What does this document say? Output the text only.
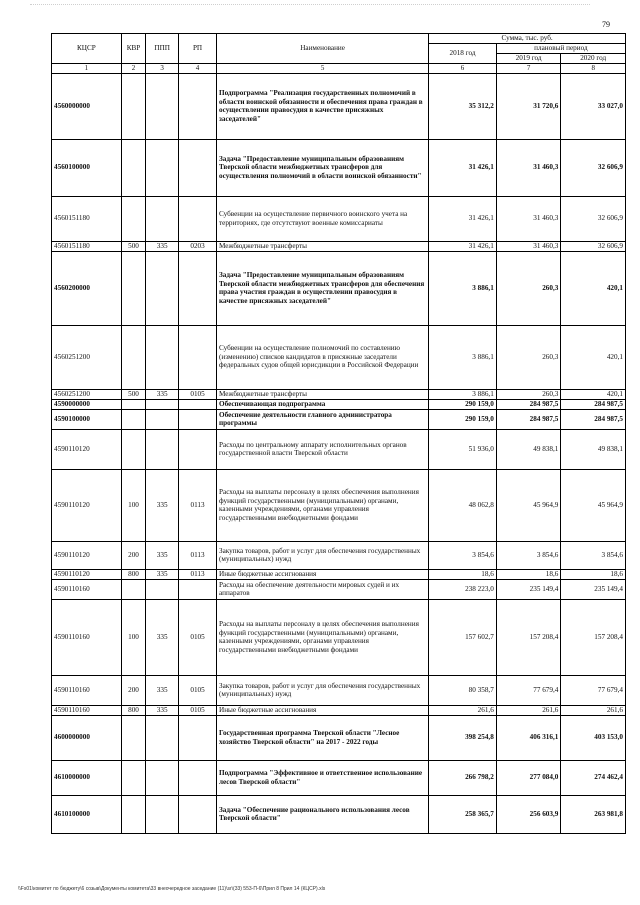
79
КЦСР	КВР	ППП	РП	Наименование	Сумма, тыс. руб.		
					2018 год	плановый период	
						2019 год	2020 год
1	2	3	4	5	6	7	8
4560000000				Подпрограмма "Реализация государственных полномочий в области воинской обязанности и обеспечения права граждан в осуществлении правосудия в качестве присяжных заседателей"	35 312,2	31 720,6	33 027,0
4560100000				Задача "Предоставление муниципальным образованиям Тверской области межбюджетных трансферов для осуществления полномочий в области воинской обязанности"	31 426,1	31 460,3	32 606,9
4560151180				Субвенции на осуществление первичного воинского учета на территориях, где отсутствуют военные комиссариаты	31 426,1	31 460,3	32 606,9
4560151180	500	335	0203	Межбюджетные трансферты	31 426,1	31 460,3	32 606,9
4560200000				Задача "Предоставление муниципальным образованиям Тверской области межбюджетных трансферов для обеспечения права участия граждан в осуществлении правосудия в качестве присяжных заседателей"	3 886,1	260,3	420,1
4560251200				Субвенции на осуществление полномочий по составлению (изменению) списков кандидатов в присяжные заседатели федеральных судов общей юрисдикции в Российской Федерации	3 886,1	260,3	420,1
4560251200	500	335	0105	Межбюджетные трансферты	3 886,1	260,3	420,1
4590000000				Обеспечивающая подпрограмма	290 159,0	284 987,5	284 987,5
4590100000				Обеспечение деятельности главного администратора программы	290 159,0	284 987,5	284 987,5
4590110120				Расходы по центральному аппарату исполнительных органов государственной власти Тверской области	51 936,0	49 838,1	49 838,1
4590110120	100	335	0113	Расходы на выплаты персоналу в целях обеспечения выполнения функций государственными (муниципальными) органами, казенными учреждениями, органами управления государственными внебюджетными фондами	48 062,8	45 964,9	45 964,9
4590110120	200	335	0113	Закупка товаров, работ и услуг для обеспечения государственных (муниципальных) нужд	3 854,6	3 854,6	3 854,6
4590110120	800	335	0113	Иные бюджетные ассигнования	18,6	18,6	18,6
4590110160				Расходы на обеспечение деятельности мировых судей и их аппаратов	238 223,0	235 149,4	235 149,4
4590110160	100	335	0105	Расходы на выплаты персоналу в целях обеспечения выполнения функций государственными (муниципальными) органами, казенными учреждениями, органами управления государственными внебюджетными фондами	157 602,7	157 208,4	157 208,4
4590110160	200	335	0105	Закупка товаров, работ и услуг для обеспечения государственных (муниципальных) нужд	80 358,7	77 679,4	77 679,4
4590110160	800	335	0105	Иные бюджетные ассигнования	261,6	261,6	261,6
4600000000				Государственная программа Тверской области "Лесное хозяйство Тверской области" на 2017 - 2022 годы	398 254,8	406 316,1	403 153,0
4610000000				Подпрограмма "Эффективное и ответственное использование лесов Тверской области"	266 798,2	277 084,0	274 462,4
4610100000				Задача "Обеспечение рационального использования лесов Тверской области"	258 365,7	256 603,9	263 981,8
\\Fs01\комитет по бюджету\6 созыв\Документы комитета\33 внеочередное заседание (11)\sr\(33) 553-П-6\Прил 8 Прил 14 (КЦСР).xls
